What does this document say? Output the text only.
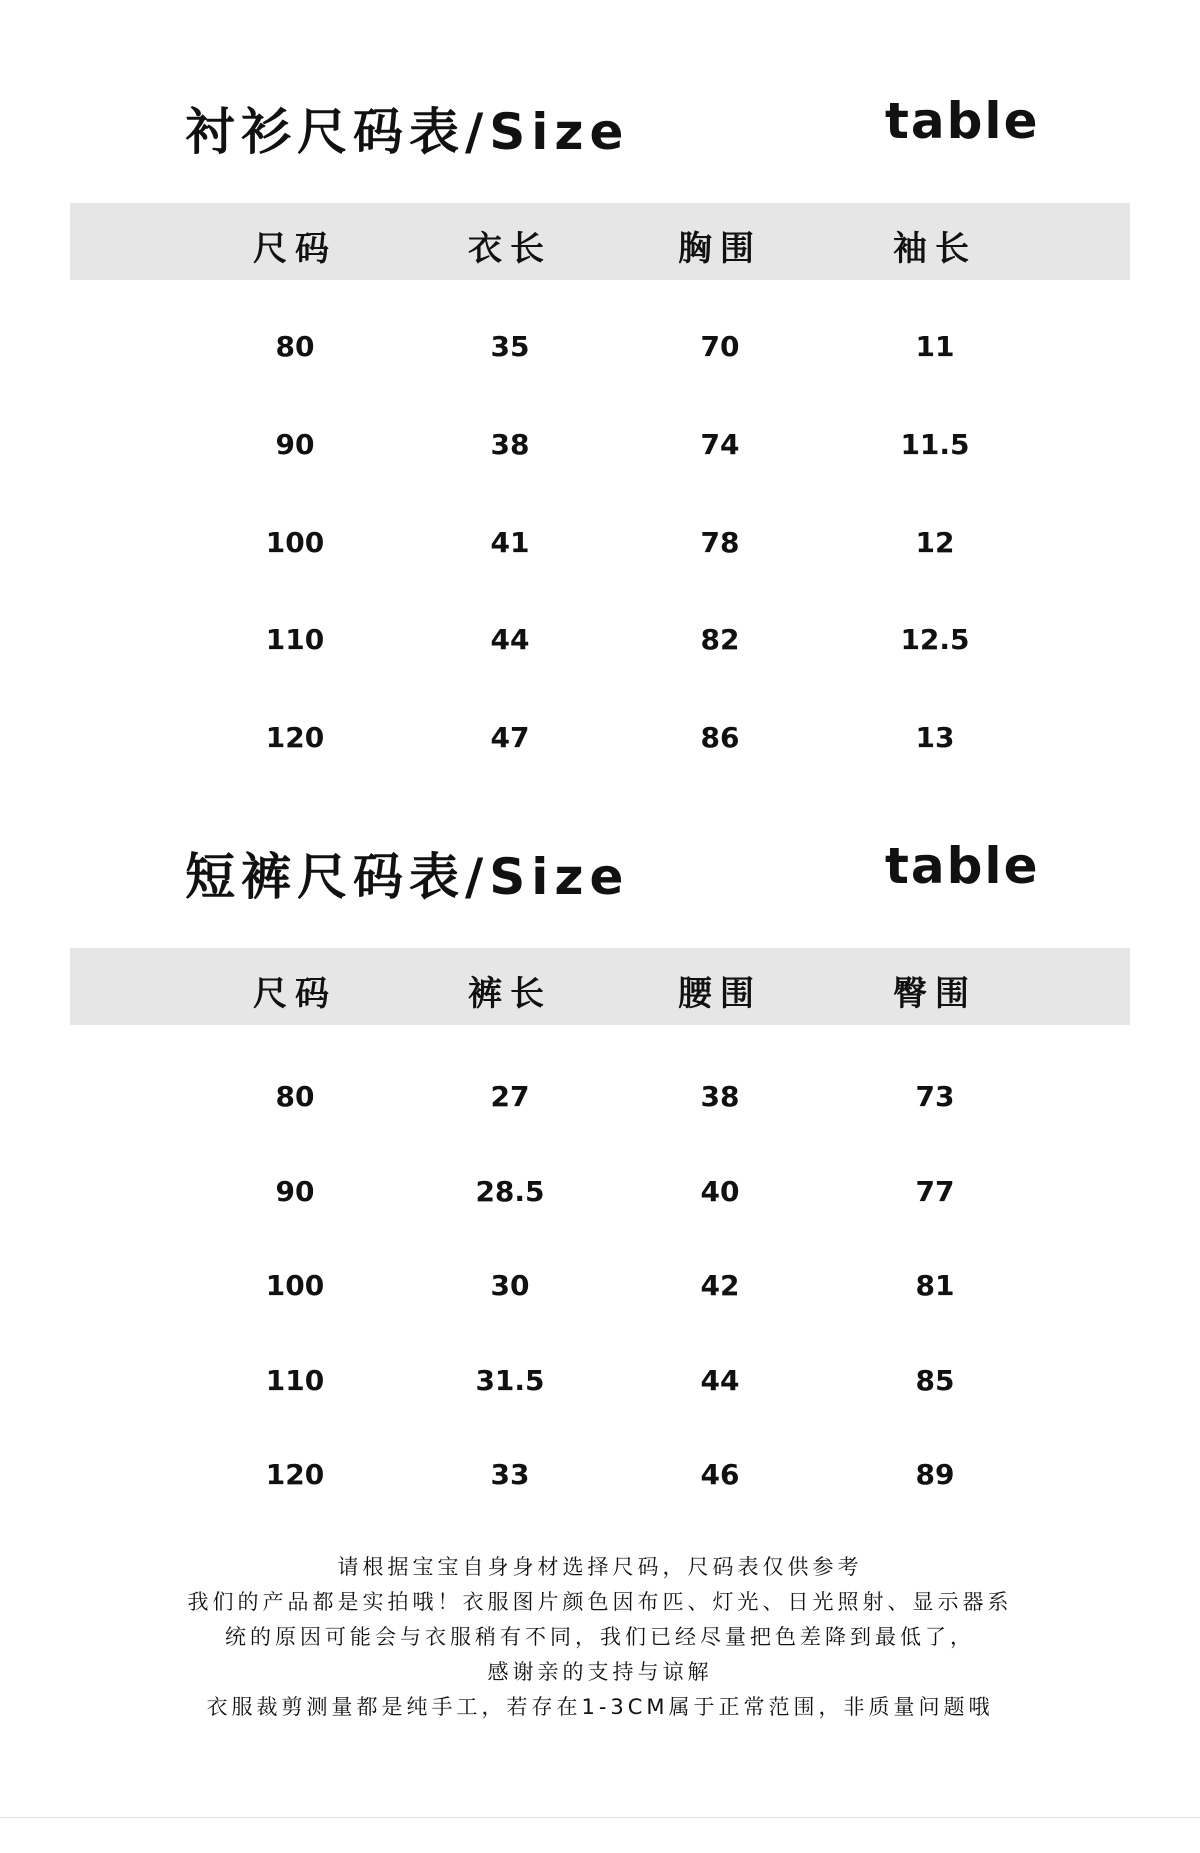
衬衫尺码表/Size	table
尺码	衣长	胸围	袖长
80	35	70	11
90	38	74	11.5
100	41	78	12
110	44	82	12.5
120	47	86	13
短裤尺码表/Size	table
尺码	裤长	腰围	臀围
80	27	38	73
90	28.5	40	77
100	30	42	81
110	31.5	44	85
120	33	46	89
请根据宝宝自身身材选择尺码，尺码表仅供参考
我们的产品都是实拍哦！衣服图片颜色因布匹、灯光、日光照射、显示器系
统的原因可能会与衣服稍有不同，我们已经尽量把色差降到最低了，
感谢亲的支持与谅解
衣服裁剪测量都是纯手工，若存在1-3CM属于正常范围，非质量问题哦
